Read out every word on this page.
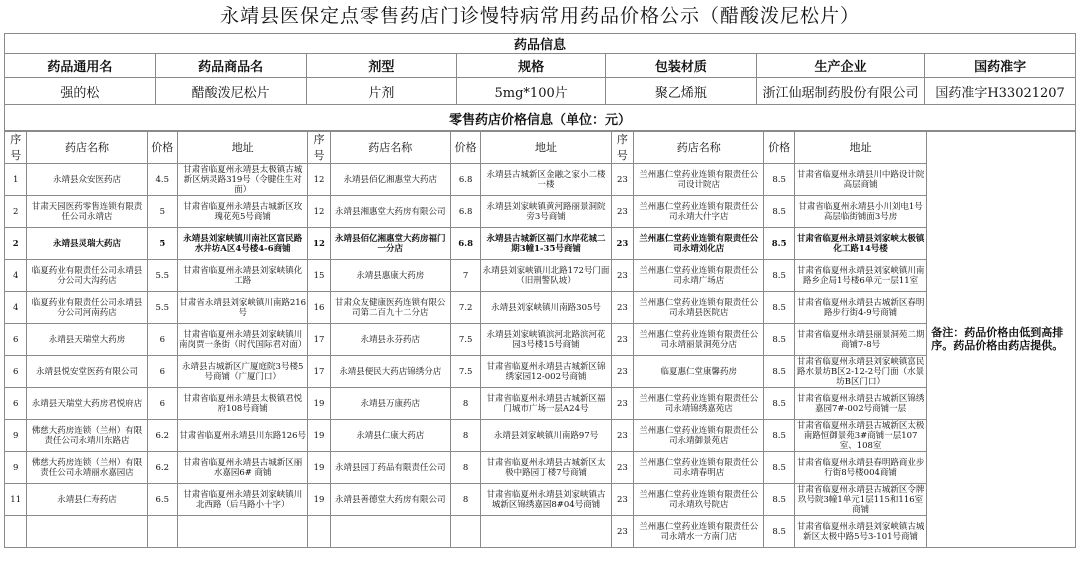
永靖县医保定点零售药店门诊慢特病常用药品价格公示（醋酸泼尼松片）
药品信息						
药品通用名	药品商品名	剂型	规格	包装材质	生产企业	国药准字
强的松	醋酸泼尼松片	片剂	5mg*100片	聚乙烯瓶	浙江仙琚制药股份有限公司	国药准字H33021207
零售药店价格信息（单位：元）						
序号	药店名称	价格	地址	序号	药店名称	价格	地址	序号	药店名称	价格	地址	备注：药品价格由低到高排序。药品价格由药店提供。
1	永靖县众安医药店	4.5	甘肃省临夏州永靖县太极镇古城新区炳灵路319号（令腱住生对面）	12	永靖县佰亿湘惠堂大药店	6.8	永靖县古城新区金融之家小二楼一楼	23	兰州惠仁堂药业连锁有限责任公司设计院店	8.5	甘肃省临夏州永靖县川中路设计院高层商铺	
2	甘肃天园医药零售连锁有限责任公司永靖店	5	甘肃省临夏州永靖县古城新区玫瑰花苑5号商铺	12	永靖县湘惠堂大药房有限公司	6.8	永靖县刘家峡镇黄河路丽景洞院旁3号商铺	23	兰州惠仁堂药业连锁有限责任公司永靖大什字店	8.5	甘肃省临夏州永靖县小川刘电1号高层临街铺面3号房	
2	永靖县灵瑞大药店	5	永靖县刘家峡镇川南社区富民路水井坊A区4号楼4-6商铺	12	永靖县佰亿湘惠堂大药房福门一分店	6.8	永靖县古城新区福门水岸花城二期3幢1-35号商铺	23	兰州惠仁堂药业连锁有限责任公司永靖刘化店	8.5	甘肃省临夏州永靖县刘家峡太极镇化工路14号楼	
4	临夏药业有限责任公司永靖县分公司大沟药店	5.5	甘肃省临夏州永靖县刘家峡镇化工路	15	永靖县惠康大药房	7	永靖县刘家峡镇川北路172号门面（旧刑警队坡）	23	兰州惠仁堂药业连锁有限责任公司永靖广场店	8.5	甘肃省临夏州永靖县刘家峡镇川南路乡企局1号楼6单元一层11室	
4	临夏药业有限责任公司永靖县分公司河南药店	5.5	甘肃省永靖县刘家峡镇川南路216号	16	甘肃众友健康医药连锁有限公司第二百九十二分店	7.2	永靖县刘家峡镇川南路305号	23	兰州惠仁堂药业连锁有限责任公司永靖县医院店	8.5	甘肃省临夏州永靖县古城新区春明路步行街4-9号商铺	
6	永靖县天瑞堂大药房	6	甘肃省临夏州永靖县刘家峡镇川南岗贾一条街（时代国际君对面）	17	永靖县永芬药店	7.5	永靖县刘家峡镇滨河北路滨河花园3号楼15号商铺	23	兰州惠仁堂药业连锁有限责任公司永靖丽景洞苑分店	8.5	甘肃省临夏州永靖县丽景洞苑二期商铺7-8号	
6	永靖县悦安堂医药有限公司	6	永靖县古城新区广厦庭院3号楼5号商铺（广厦门口）	17	永靖县便民大药店锦绣分店	7.5	甘肃省临夏州永靖县古城新区锦绣家园12-002号商铺	23	临夏惠仁堂康馨药房	8.5	甘肃省临夏州永靖县刘家峡镇富民路水景坊B区2-12-2号门面（水景坊B区门口）	
6	永靖县天瑞堂大药房君悦府店	6	甘肃省临夏州永靖县太极镇君悦府108号商铺	19	永靖县万康药店	8	甘肃省临夏州永靖县古城新区福门城市广场一层A24号	23	兰州惠仁堂药业连锁有限责任公司永靖锦绣嘉苑店	8.5	甘肃省临夏州永靖县古城新区锦绣嘉园7#-002号商铺一层	
9	佛慈大药房连锁（兰州）有限责任公司永靖川东路店	6.2	甘肃省临夏州永靖县川东路126号	19	永靖县仁康大药店	8	永靖县刘家峡镇川南路97号	23	兰州惠仁堂药业连锁有限责任公司永靖御景苑店	8.5	甘肃省临夏州永靖县古城新区太极南路恒御景苑3#商铺一层107室、108室	
9	佛慈大药房连锁（兰州）有限责任公司永靖丽水嘉园店	6.2	甘肃省临夏州永靖县古城新区丽水嘉园6# 商铺	19	永靖县园丁药品有限责任公司	8	甘肃省临夏州永靖县古城新区太极中路园丁楼7号商铺	23	兰州惠仁堂药业连锁有限责任公司永靖春明店	8.5	甘肃省临夏州永靖县春明路商业步行街8号楼004商铺	
11	永靖县仁寿药店	6.5	甘肃省临夏州永靖县刘家峡镇川北西路（后马路小十字）	19	永靖县善德堂大药房有限公司	8	甘肃省临夏州永靖县刘家峡镇古城新区锦绣嘉园8#04号商铺	23	兰州惠仁堂药业连锁有限责任公司永靖玖号院店	8.5	甘肃省临夏州永靖县古城新区令牌玖号院3幢1单元1层115和116室商铺	
								23	兰州惠仁堂药业连锁有限责任公司永靖水一方南门店	8.5	甘肃省临夏州永靖县刘家峡镇古城新区太极中路5号3-101号商铺	
